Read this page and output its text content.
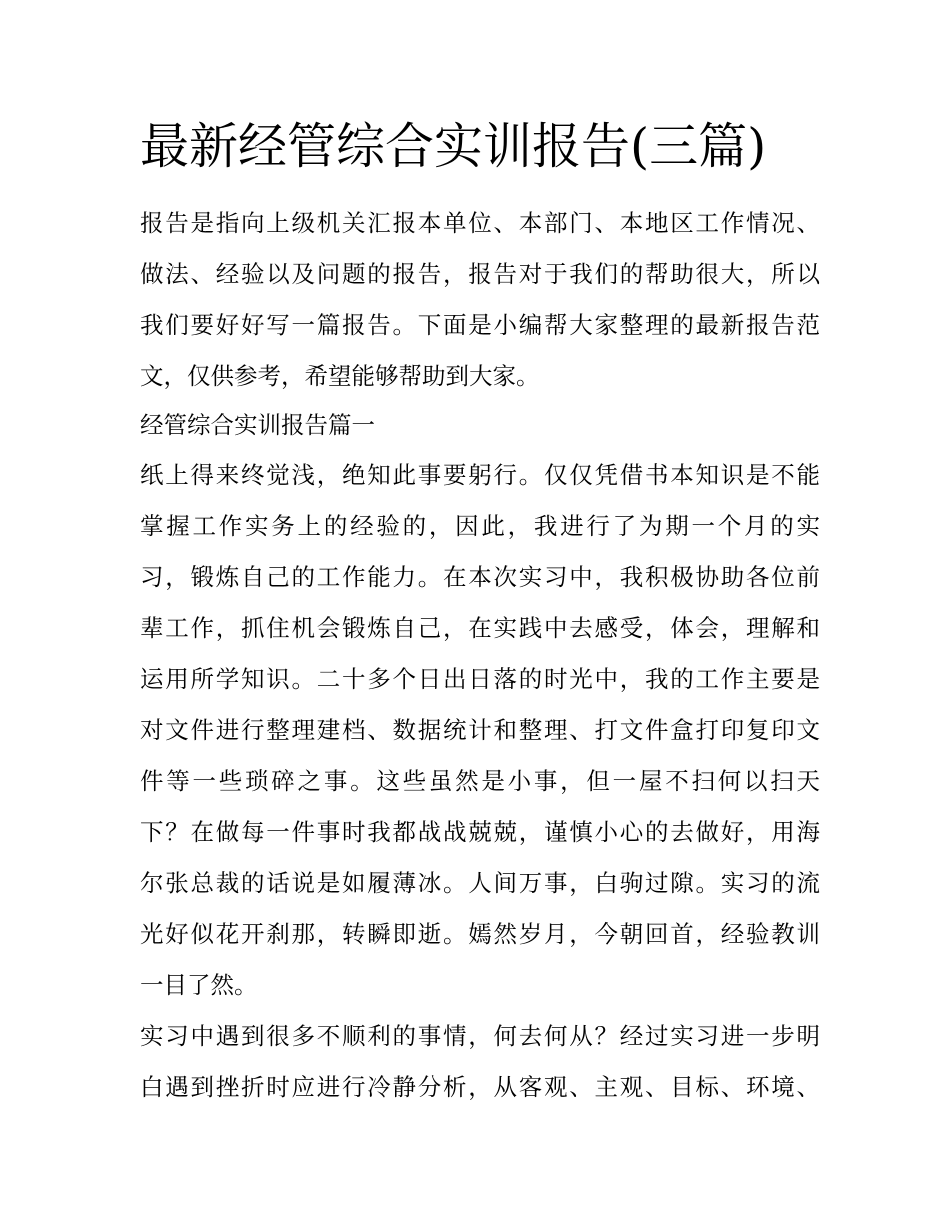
最新经管综合实训报告(三篇)

报告是指向上级机关汇报本单位、本部门、本地区工作情况、

做法、经验以及问题的报告，报告对于我们的帮助很大，所以

我们要好好写一篇报告。下面是小编帮大家整理的最新报告范

文，仅供参考，希望能够帮助到大家。

经管综合实训报告篇一

纸上得来终觉浅，绝知此事要躬行。仅仅凭借书本知识是不能

掌握工作实务上的经验的，因此，我进行了为期一个月的实

习，锻炼自己的工作能力。在本次实习中，我积极协助各位前

辈工作，抓住机会锻炼自己，在实践中去感受，体会，理解和

运用所学知识。二十多个日出日落的时光中，我的工作主要是

对文件进行整理建档、数据统计和整理、打文件盒打印复印文

件等一些琐碎之事。这些虽然是小事，但一屋不扫何以扫天

下？在做每一件事时我都战战兢兢，谨慎小心的去做好，用海

尔张总裁的话说是如履薄冰。人间万事，白驹过隙。实习的流

光好似花开刹那，转瞬即逝。嫣然岁月，今朝回首，经验教训

一目了然。

实习中遇到很多不顺利的事情，何去何从？经过实习进一步明

白遇到挫折时应进行冷静分析，从客观、主观、目标、环境、
